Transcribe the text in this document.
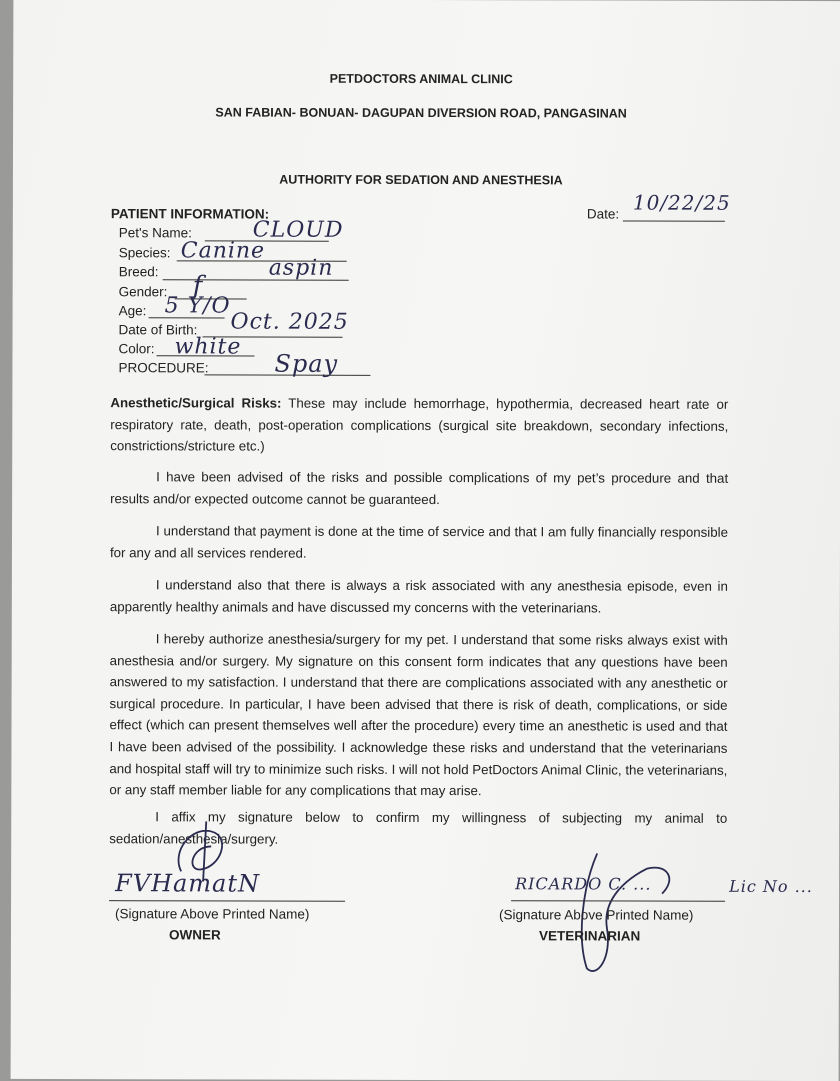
PETDOCTORS ANIMAL CLINIC
SAN FABIAN- BONUAN- DAGUPAN DIVERSION ROAD, PANGASINAN
AUTHORITY FOR SEDATION AND ANESTHESIA
PATIENT INFORMATION:	Date: 10/22/25
Pet's Name:	CLOUD
Species: Canine
Breed:	aspin
Gender: f
Age: 5 Y/O
Date of Birth: Oct. 2025
Color: white
PROCEDURE:	Spay
Anesthetic/Surgical Risks: These may include hemorrhage, hypothermia, decreased heart rate or respiratory rate, death, post-operation complications (surgical site breakdown, secondary infections, constrictions/stricture etc.)
I have been advised of the risks and possible complications of my pet’s procedure and that results and/or expected outcome cannot be guaranteed.
I understand that payment is done at the time of service and that I am fully financially responsible for any and all services rendered.
I understand also that there is always a risk associated with any anesthesia episode, even in apparently healthy animals and have discussed my concerns with the veterinarians.
I hereby authorize anesthesia/surgery for my pet. I understand that some risks always exist with anesthesia and/or surgery. My signature on this consent form indicates that any questions have been answered to my satisfaction. I understand that there are complications associated with any anesthetic or surgical procedure. In particular, I have been advised that there is risk of death, complications, or side effect (which can present themselves well after the procedure) every time an anesthetic is used and that I have been advised of the possibility. I acknowledge these risks and understand that the veterinarians and hospital staff will try to minimize such risks. I will not hold PetDoctors Animal Clinic, the veterinarians, or any staff member liable for any complications that may arise.
I affix my signature below to confirm my willingness of subjecting my animal to sedation/anesthesia/surgery.
FVHamatN
(Signature Above Printed Name)
OWNER
RICARDO C. ...	Lic No ...
(Signature Above Printed Name)
VETERINARIAN
